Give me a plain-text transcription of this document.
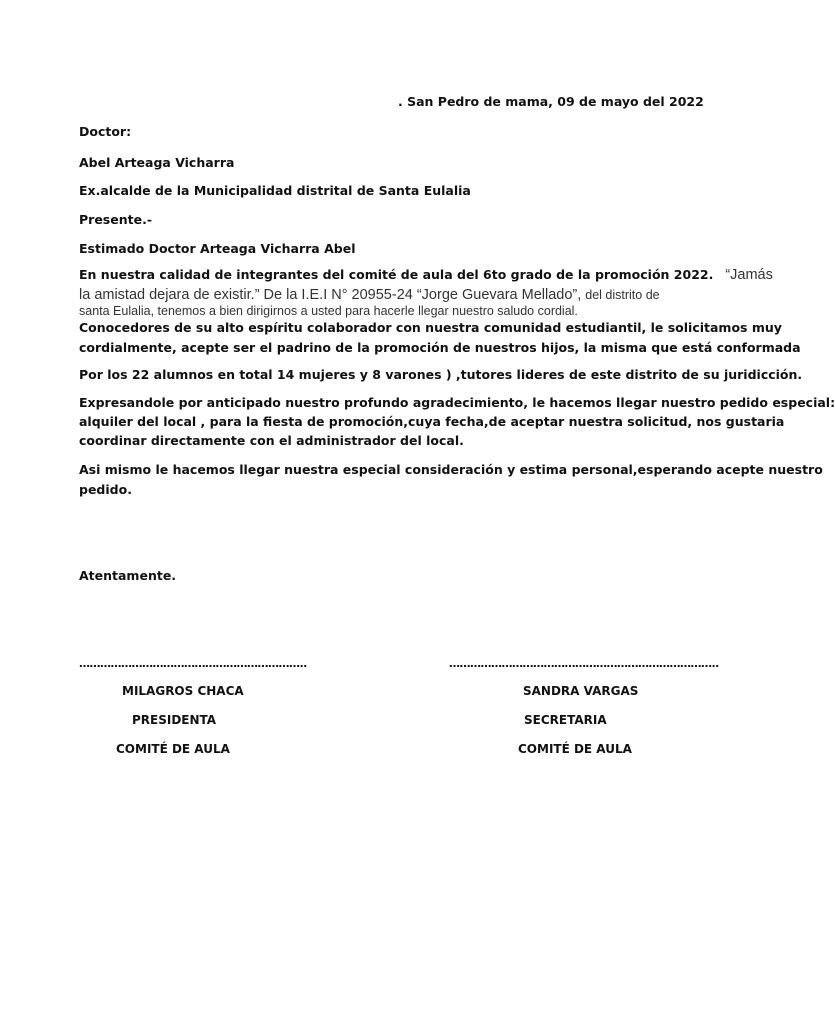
. San Pedro de mama, 09 de mayo del 2022
Doctor:
Abel Arteaga Vicharra
Ex.alcalde de la Municipalidad distrital de Santa Eulalia
Presente.-
Estimado Doctor Arteaga Vicharra Abel
En nuestra calidad de integrantes del comité de aula del 6to grado de la promoción 2022. “Jamás
la amistad dejara de existir.” De la I.E.I N° 20955-24 “Jorge Guevara Mellado”, del distrito de
santa Eulalia, tenemos a bien dirigirnos a usted para hacerle llegar nuestro saludo cordial.
Conocedores de su alto espíritu colaborador con nuestra comunidad estudiantil, le solicitamos muy
cordialmente, acepte ser el padrino de la promoción de nuestros hijos, la misma que está conformada
Por los 22 alumnos en total 14 mujeres y 8 varones ) ,tutores lideres de este distrito de su juridicción.
Expresandole por anticipado nuestro profundo agradecimiento, le hacemos llegar nuestro pedido especial:
alquiler del local , para la fiesta de promoción,cuya fecha,de aceptar nuestra solicitud, nos gustaria
coordinar directamente con el administrador del local.
Asi mismo le hacemos llegar nuestra especial consideración y estima personal,esperando acepte nuestro
pedido.
Atentamente.
………………………………………………………..	…………………………………………………………………..
MILAGROS CHACA
PRESIDENTA
COMITÉ DE AULA
SANDRA VARGAS
SECRETARIA
COMITÉ DE AULA
